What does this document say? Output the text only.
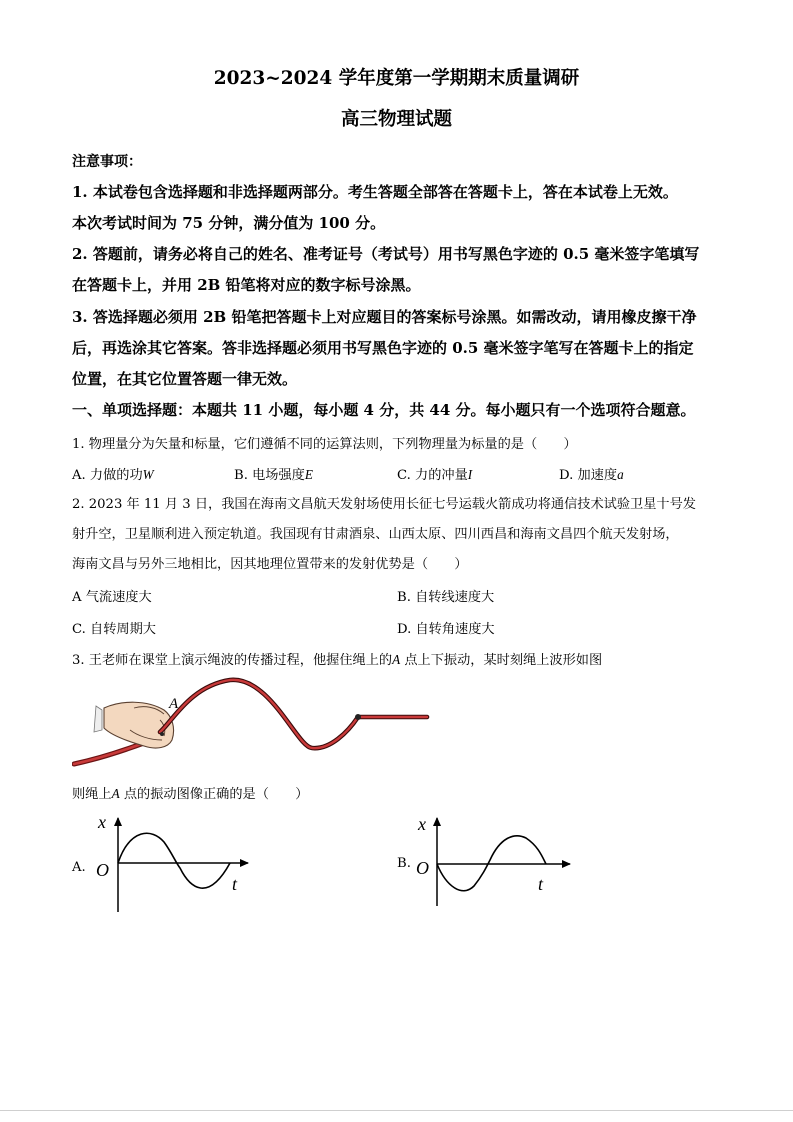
2023~2024 学年度第一学期期末质量调研
高三物理试题
注意事项：
1. 本试卷包含选择题和非选择题两部分。考生答题全部答在答题卡上，答在本试卷上无效。
本次考试时间为 75 分钟，满分值为 100 分。
2. 答题前，请务必将自己的姓名、准考证号（考试号）用书写黑色字迹的 0.5 毫米签字笔填写
在答题卡上，并用 2B 铅笔将对应的数字标号涂黑。
3. 答选择题必须用 2B 铅笔把答题卡上对应题目的答案标号涂黑。如需改动，请用橡皮擦干净
后，再选涂其它答案。答非选择题必须用书写黑色字迹的 0.5 毫米签字笔写在答题卡上的指定
位置，在其它位置答题一律无效。
一、单项选择题：本题共 11 小题，每小题 4 分，共 44 分。每小题只有一个选项符合题意。
1. 物理量分为矢量和标量，它们遵循不同的运算法则，下列物理量为标量的是（　　）
A. 力做的功W	B. 电场强度E	C. 力的冲量I	D. 加速度a
2. 2023 年 11 月 3 日，我国在海南文昌航天发射场使用长征七号运载火箭成功将通信技术试验卫星十号发
射升空，卫星顺利进入预定轨道。我国现有甘肃酒泉、山西太原、四川西昌和海南文昌四个航天发射场，
海南文昌与另外三地相比，因其地理位置带来的发射优势是（　　）
A 气流速度大	B. 自转线速度大
C. 自转周期大	D. 自转角速度大
3. 王老师在课堂上演示绳波的传播过程，他握住绳上的A 点上下振动，某时刻绳上波形如图
A
则绳上A 点的振动图像正确的是（　　）
A.
x
O
t
B.
x
O
t
